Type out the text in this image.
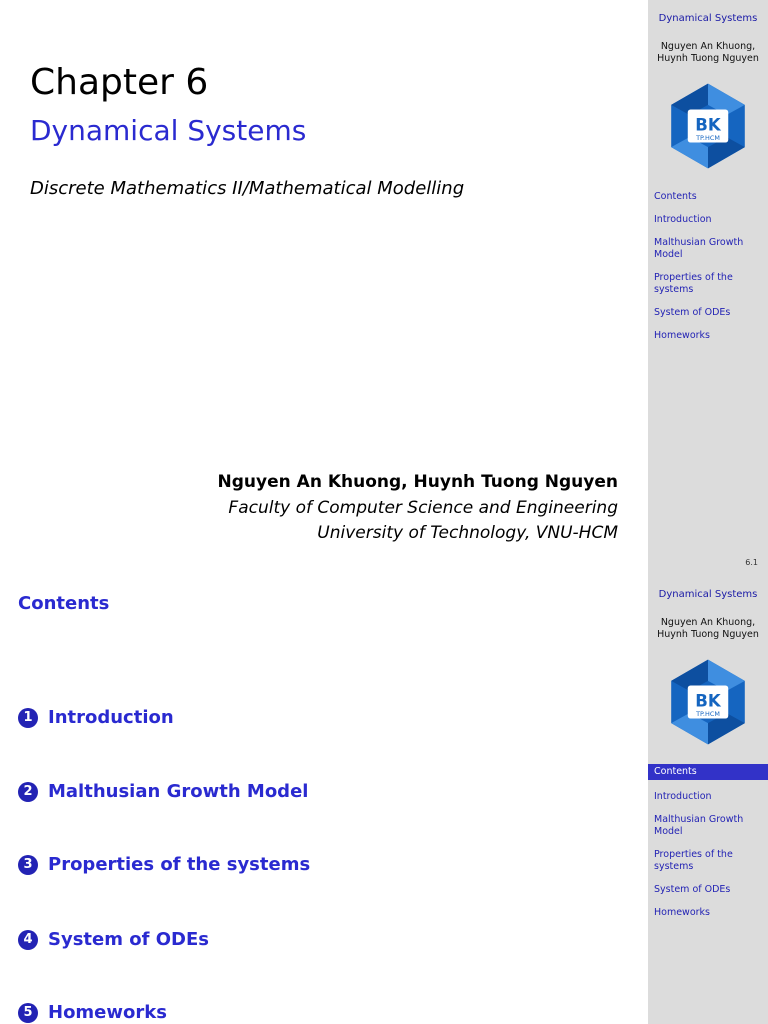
Chapter 6
Dynamical Systems
Discrete Mathematics II/Mathematical Modelling
Nguyen An Khuong, Huynh Tuong Nguyen
Faculty of Computer Science and Engineering
University of Technology, VNU-HCM
Dynamical Systems
Nguyen An Khuong,
Huynh Tuong Nguyen
BK
TP.HCM
Contents
Introduction
Malthusian Growth Model
Properties of the systems
System of ODEs
Homeworks
6.1
Contents
1 Introduction
2 Malthusian Growth Model
3 Properties of the systems
4 System of ODEs
5 Homeworks
Dynamical Systems
Nguyen An Khuong,
Huynh Tuong Nguyen
BK
TP.HCM
Contents
Introduction
Malthusian Growth Model
Properties of the systems
System of ODEs
Homeworks
